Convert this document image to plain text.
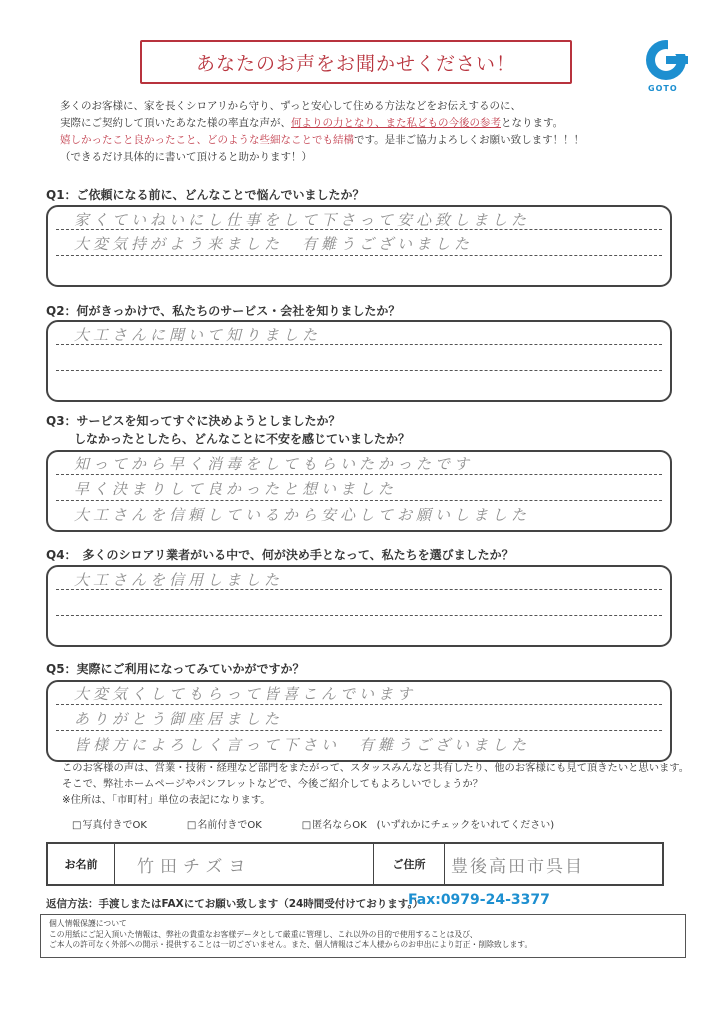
あなたのお声をお聞かせください！
GOTO
多くのお客様に、家を長くシロアリから守り、ずっと安心して住める方法などをお伝えするのに、
実際にご契約して頂いたあなた様の率直な声が、何よりの力となり、また私どもの今後の参考となります。
嬉しかったこと良かったこと、どのような些細なことでも結構です。是非ご協力よろしくお願い致します！！！
（できるだけ具体的に書いて頂けると助かります！）
Q1：ご依頼になる前に、どんなことで悩んでいましたか？
家くていねいにし仕事をして下さって安心致しました
大変気持がよう来ました　有難うございました
Q2：何がきっかけで、私たちのサービス・会社を知りましたか？
大工さんに聞いて知りました
Q3：サービスを知ってすぐに決めようとしましたか？
しなかったとしたら、どんなことに不安を感じていましたか？
知ってから早く消毒をしてもらいたかったです
早く決まりして良かったと想いました
大工さんを信頼しているから安心してお願いしました
Q4：　多くのシロアリ業者がいる中で、何が決め手となって、私たちを選びましたか？
大工さんを信用しました
Q5：実際にご利用になってみていかがですか？
大変気くしてもらって皆喜こんでいます
ありがとう御座居ました
皆様方によろしく言って下さい　有難うございました
このお客様の声は、営業・技術・経理など部門をまたがって、スタッスみんなと共有したり、他のお客様にも見て頂きたいと思います。
そこで、弊社ホームページやパンフレットなどで、今後ご紹介してもよろしいでしょうか？
※住所は、「市町村」単位の表記になります。
□ 写真付きでOK	□ 名前付きでOK	□ 匿名ならOK　(いずれかにチェックをいれてください)
お名前	竹田チズヨ	ご住所	豊後高田市呉目
返信方法：手渡しまたはFAXにてお願い致します（24時間受付けております。）
Fax:0979-24-3377
個人情報保護について
この用紙にご記入頂いた情報は、弊社の貴重なお客様データとして厳重に管理し、これ以外の目的で使用することは及び、
ご本人の許可なく外部への開示・提供することは一切ございません。また、個人情報はご本人様からのお申出により訂正・削除致します。
